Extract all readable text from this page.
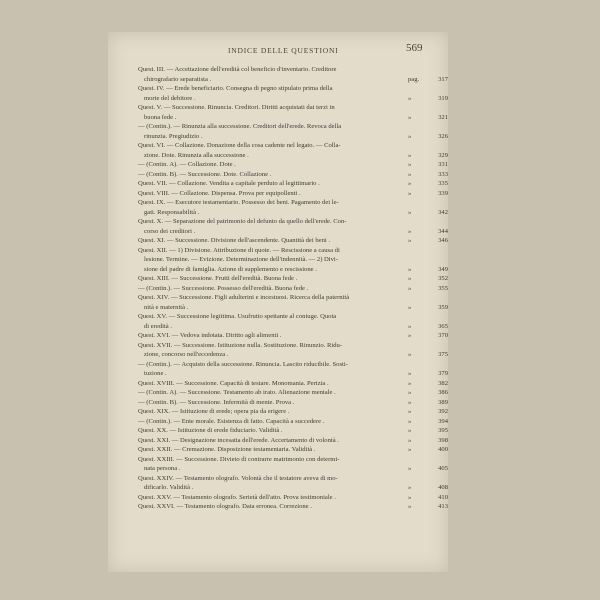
INDICE DELLE QUESTIONI	569
Quest. III. — Accettazione dell'eredità col beneficio d'inventario. Creditore
chirografario separatista .	pag.	317
Quest. IV. — Erede beneficiario. Consegna di pegno stipulato prima della
morte del debitore .	»	319
Quest. V. — Successione. Rinuncia. Creditori. Diritti acquistati dai terzi in
buona fede .	»	321
— (Contin.). — Rinunzia alla successione. Creditori dell'erede. Revoca della
rinunzia. Pregiudizio .	»	326
Quest. VI. — Collazione. Donazione della cosa cadente nel legato. — Colla-
zione. Dote. Rinunzia alla successione .	»	329
— (Contin. A). — Collazione. Dote .	»	331
— (Contin. B). — Successione. Dote. Collazione .	»	333
Quest. VII. — Collazione. Vendita a capitale perduto al legittimario .	»	335
Quest. VIII. — Collazione. Dispensa. Prova per equipollenti .	»	339
Quest. IX. — Esecutore testamentario. Possesso dei beni. Pagamento dei le-
gati. Responsabilità .	»	342
Quest. X. — Separazione del patrimonio del defunto da quello dell'erede. Con-
corso dei creditori .	»	344
Quest. XI. — Successione. Divisione dell'ascendente. Quantità dei beni .	»	346
Quest. XII. — 1) Divisione. Attribuzione di quote. — Rescissione a causa di
lesione. Termine. — Evizione. Determinazione dell'indennità. — 2) Divi-
sione del padre di famiglia. Azione di supplemento e rescissione .	»	349
Quest. XIII. — Successione. Frutti dell'eredità. Buona fede .	»	352
— (Contin.). — Successione. Possesso dell'eredità. Buona fede .	»	355
Quest. XIV. — Successione. Figli adulterini e incestuosi. Ricerca della paternità
nità e maternità .	»	359
Quest. XV. — Successione legittima. Usufrutto spettante al coniuge. Quota
di eredità .	»	365
Quest. XVI. — Vedova indotata. Diritto agli alimenti .	»	370
Quest. XVII. — Successione. Istituzione nulla. Sostituzione. Rinunzio. Ridu-
zione, concorso nell'eccedenza .	»	375
— (Contin.). — Acquisto della successione. Rinuncia. Lascito riducibile. Sosti-
tuzione .	»	379
Quest. XVIII. — Successione. Capacità di testare. Monomania. Perizia .	»	382
— (Contin. A). — Successione. Testamento ab irato. Alienazione mentale .	»	386
— (Contin. B). — Successione. Infermità di mente. Prova .	»	389
Quest. XIX. — Istituzione di erede; opera pia da erigere .	»	392
— (Contin.). — Ente morale. Esistenza di fatto. Capacità a succedere .	»	394
Quest. XX. — Istituzione di erede fiduciario. Validità .	»	395
Quest. XXI. — Designazione incesatta dell'erede. Accertamento di volontà .	»	398
Quest. XXII. — Cremazione. Disposizione testamentaria. Validità .	»	400
Quest. XXIII. — Successione. Divieto di contrarre matrimonio con determi-
nata persona .	»	405
Quest. XXIV. — Testamento olografo. Volontà che il testatore aveva di mo-
dificarlo. Validità .	»	408
Quest. XXV. — Testamento olografo. Serietà dell'atto. Prova testimoniale .	»	410
Quest. XXVI. — Testamento olografo. Data erronea. Correzione .	»	413
